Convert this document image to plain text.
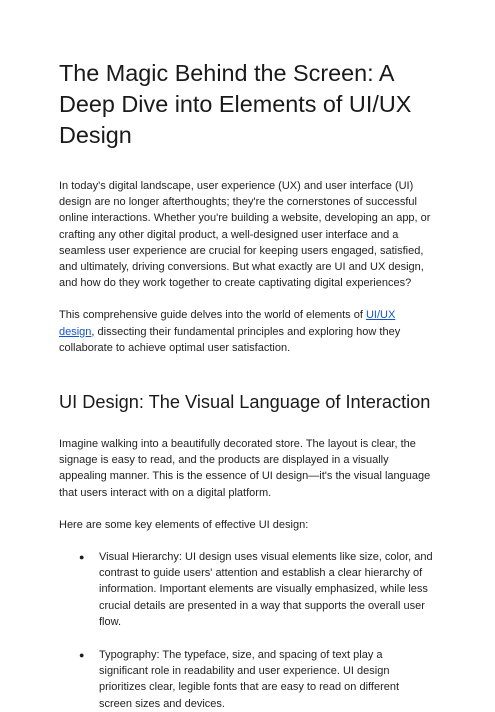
The Magic Behind the Screen: A Deep Dive into Elements of UI/UX Design

In today's digital landscape, user experience (UX) and user interface (UI) design are no longer afterthoughts; they're the cornerstones of successful online interactions. Whether you're building a website, developing an app, or crafting any other digital product, a well-designed user interface and a seamless user experience are crucial for keeping users engaged, satisfied, and ultimately, driving conversions. But what exactly are UI and UX design, and how do they work together to create captivating digital experiences?

This comprehensive guide delves into the world of elements of UI/UX design, dissecting their fundamental principles and exploring how they collaborate to achieve optimal user satisfaction.

UI Design: The Visual Language of Interaction

Imagine walking into a beautifully decorated store. The layout is clear, the signage is easy to read, and the products are displayed in a visually appealing manner. This is the essence of UI design—it's the visual language that users interact with on a digital platform.

Here are some key elements of effective UI design:

● Visual Hierarchy: UI design uses visual elements like size, color, and contrast to guide users' attention and establish a clear hierarchy of information. Important elements are visually emphasized, while less crucial details are presented in a way that supports the overall user flow.
● Typography: The typeface, size, and spacing of text play a significant role in readability and user experience. UI design prioritizes clear, legible fonts that are easy to read on different screen sizes and devices.
